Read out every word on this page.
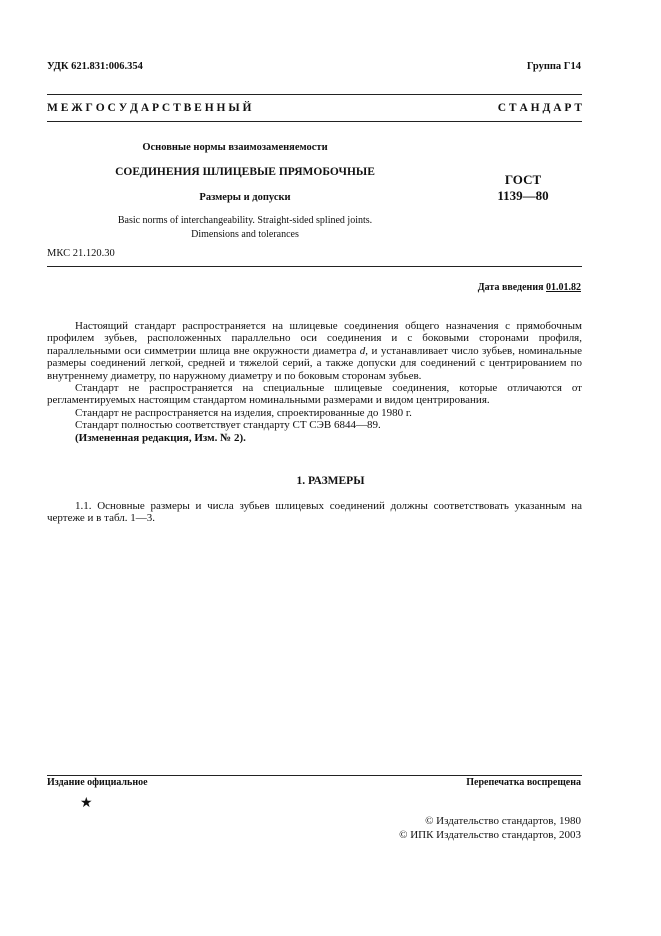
УДК 621.831:006.354	Группа Г14
М Е Ж Г О С У Д А Р С Т В Е Н Н Ы Й	С Т А Н Д А Р Т
Основные нормы взаимозаменяемости
СОЕДИНЕНИЯ ШЛИЦЕВЫЕ ПРЯМОБОЧНЫЕ
Размеры и допуски
ГОСТ
1139—80
Basic norms of interchangeability. Straight-sided splined joints.
Dimensions and tolerances
МКС 21.120.30
Дата введения 01.01.82

Настоящий стандарт распространяется на шлицевые соединения общего назначения с прямобочным профилем зубьев, расположенных параллельно оси соединения и с боковыми сторонами профиля, параллельными оси симметрии шлица вне окружности диаметра d, и устанавливает число зубьев, номинальные размеры соединений легкой, средней и тяжелой серий, а также допуски для соединений с центрированием по внутреннему диаметру, по наружному диаметру и по боковым сторонам зубьев.

Стандарт не распространяется на специальные шлицевые соединения, которые отличаются от регламентируемых настоящим стандартом номинальными размерами и видом центрирования.

Стандарт не распространяется на изделия, спроектированные до 1980 г.

Стандарт полностью соответствует стандарту СТ СЭВ 6844—89.

(Измененная редакция, Изм. № 2).

1. РАЗМЕРЫ

1.1. Основные размеры и числа зубьев шлицевых соединений должны соответствовать указанным на чертеже и в табл. 1—3.

Издание официальное	Перепечатка воспрещена
★
© Издательство стандартов, 1980
© ИПК Издательство стандартов, 2003
